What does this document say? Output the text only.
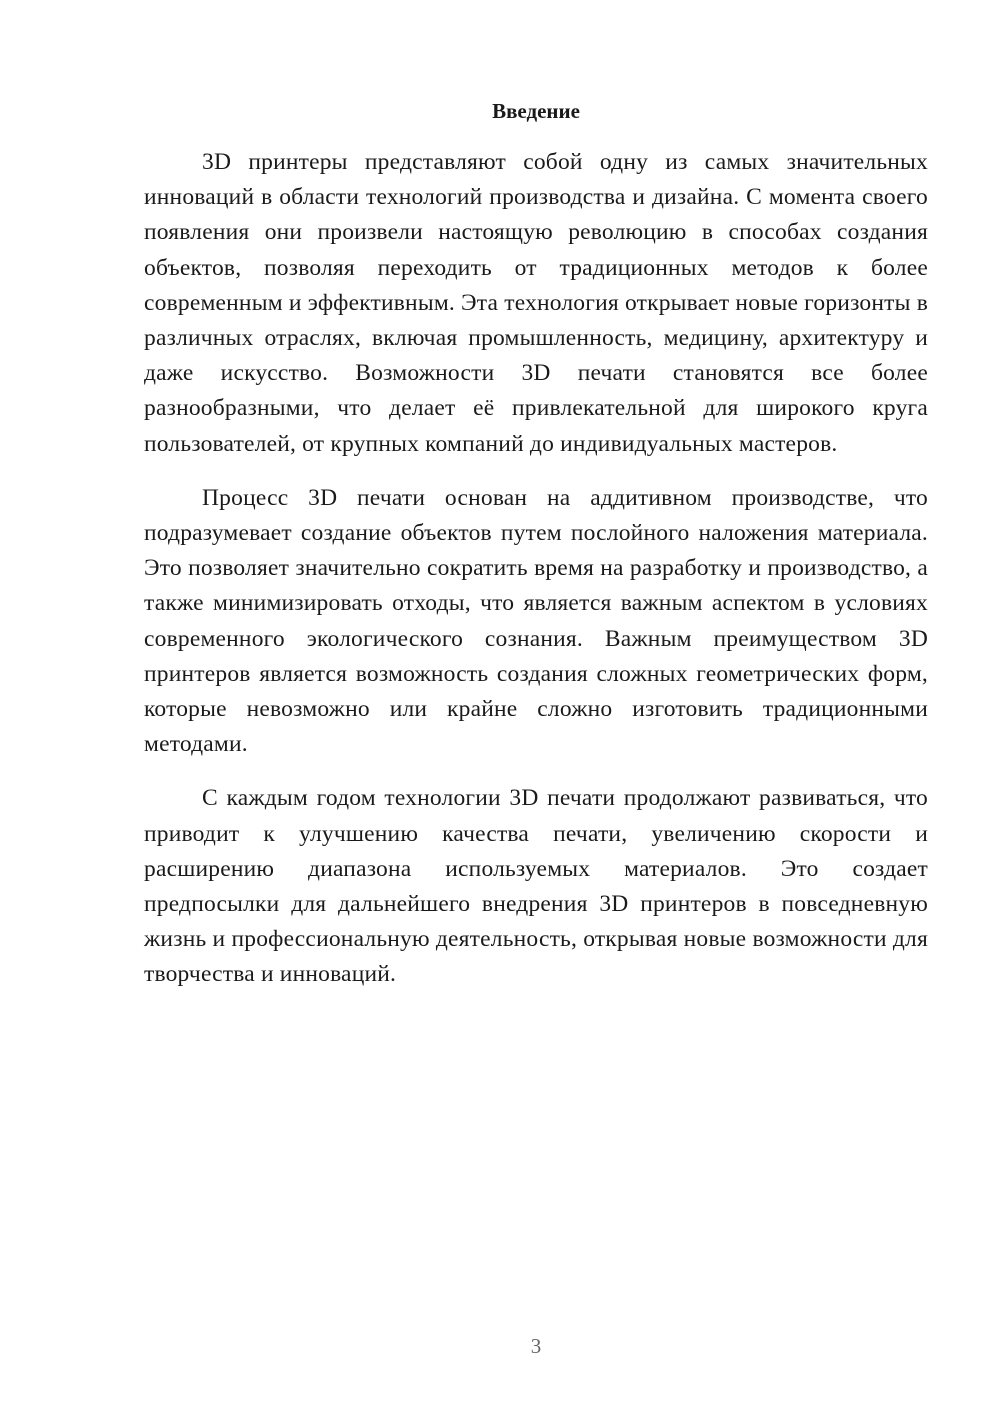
Введение

3D принтеры представляют собой одну из самых значительных инноваций в области технологий производства и дизайна. С момента своего появления они произвели настоящую революцию в способах создания объектов, позволяя переходить от традиционных методов к более современным и эффективным. Эта технология открывает новые горизонты в различных отраслях, включая промышленность, медицину, архитектуру и даже искусство. Возможности 3D печати становятся все более разнообразными, что делает её привлекательной для широкого круга пользователей, от крупных компаний до индивидуальных мастеров.

Процесс 3D печати основан на аддитивном производстве, что подразумевает создание объектов путем послойного наложения материала. Это позволяет значительно сократить время на разработку и производство, а также минимизировать отходы, что является важным аспектом в условиях современного экологического сознания. Важным преимуществом 3D принтеров является возможность создания сложных геометрических форм, которые невозможно или крайне сложно изготовить традиционными методами.

С каждым годом технологии 3D печати продолжают развиваться, что приводит к улучшению качества печати, увеличению скорости и расширению диапазона используемых материалов. Это создает предпосылки для дальнейшего внедрения 3D принтеров в повседневную жизнь и профессиональную деятельность, открывая новые возможности для творчества и инноваций.

3
